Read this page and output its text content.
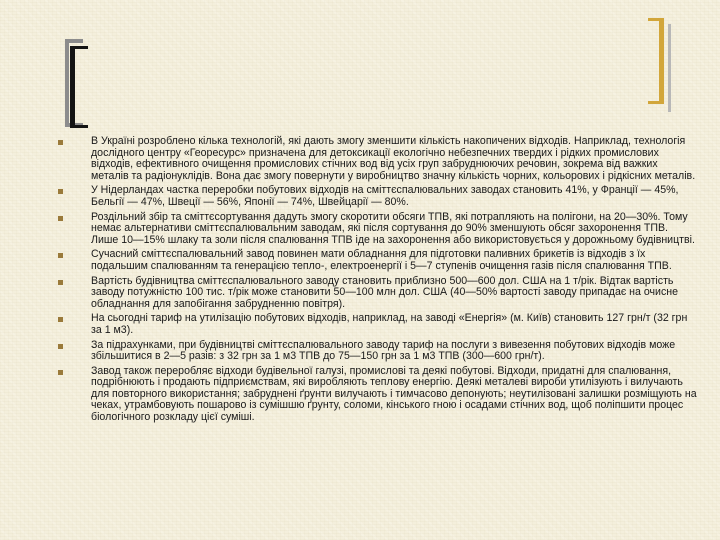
В Україні розроблено кілька технологій, які дають змогу зменшити кількість накопичених відходів. Наприклад, технологія дослідного центру «Георесурс» призначена для детоксикації екологічно небезпечних твердих і рідких промислових відходів, ефективного очищення промислових стічних вод від усіх груп забруднюючих речовин, зокрема від важких металів та радіонуклідів. Вона дає змогу повернути у виробництво значну кількість чорних, кольорових і рідкісних металів.
У Нідерландах частка переробки побутових відходів на сміттєспалювальних заводах становить 41%, у Франції — 45%, Бельгії — 47%, Швеції — 56%, Японії — 74%, Швейцарії — 80%.
Роздільний збір та сміттєсортування дадуть змогу скоротити обсяги ТПВ, які потрапляють на полігони, на 20—30%. Тому немає альтернативи сміттєспалювальним заводам, які після сортування до 90% зменшують обсяг захоронення ТПВ. Лише 10—15% шлаку та золи після спалювання ТПВ іде на захоронення або використовується у дорожньому будівництві.
Сучасний сміттєспалювальний завод повинен мати обладнання для підготовки паливних брикетів із відходів з їх подальшим спалюванням та генерацією тепло-, електроенергії і 5—7 ступенів очищення газів після спалювання ТПВ.
Вартість будівництва сміттєспалювального заводу становить приблизно 500—600 дол. США на 1 т/рік. Відтак вартість заводу потужністю 100 тис. т/рік може становити 50—100 млн дол. США (40—50% вартості заводу припадає на очисне обладнання для запобігання забрудненню повітря).
На сьогодні тариф на утилізацію побутових відходів, наприклад, на заводі «Енергія» (м. Київ) становить 127 грн/т (32 грн за 1 м3).
За підрахунками, при будівництві сміттєспалювального заводу тариф на послуги з вивезення побутових відходів може збільшитися в 2—5 разів: з 32 грн за 1 м3 ТПВ до 75—150 грн за 1 м3 ТПВ (300—600 грн/т).
Завод також переробляє відходи будівельної галузі, промислові та деякі побутові. Відходи, придатні для спалювання, подрібнюють і продають підприємствам, які виробляють теплову енергію. Деякі металеві вироби утилізують і вилучають для повторного використання; забруднені ґрунти вилучають і тимчасово депонують; неутилізовані залишки розміщують на чеках, утрамбовують пошарово із сумішшю ґрунту, соломи, кінського гною і осадами стічних вод, щоб поліпшити процес біологічного розкладу цієї суміші.
